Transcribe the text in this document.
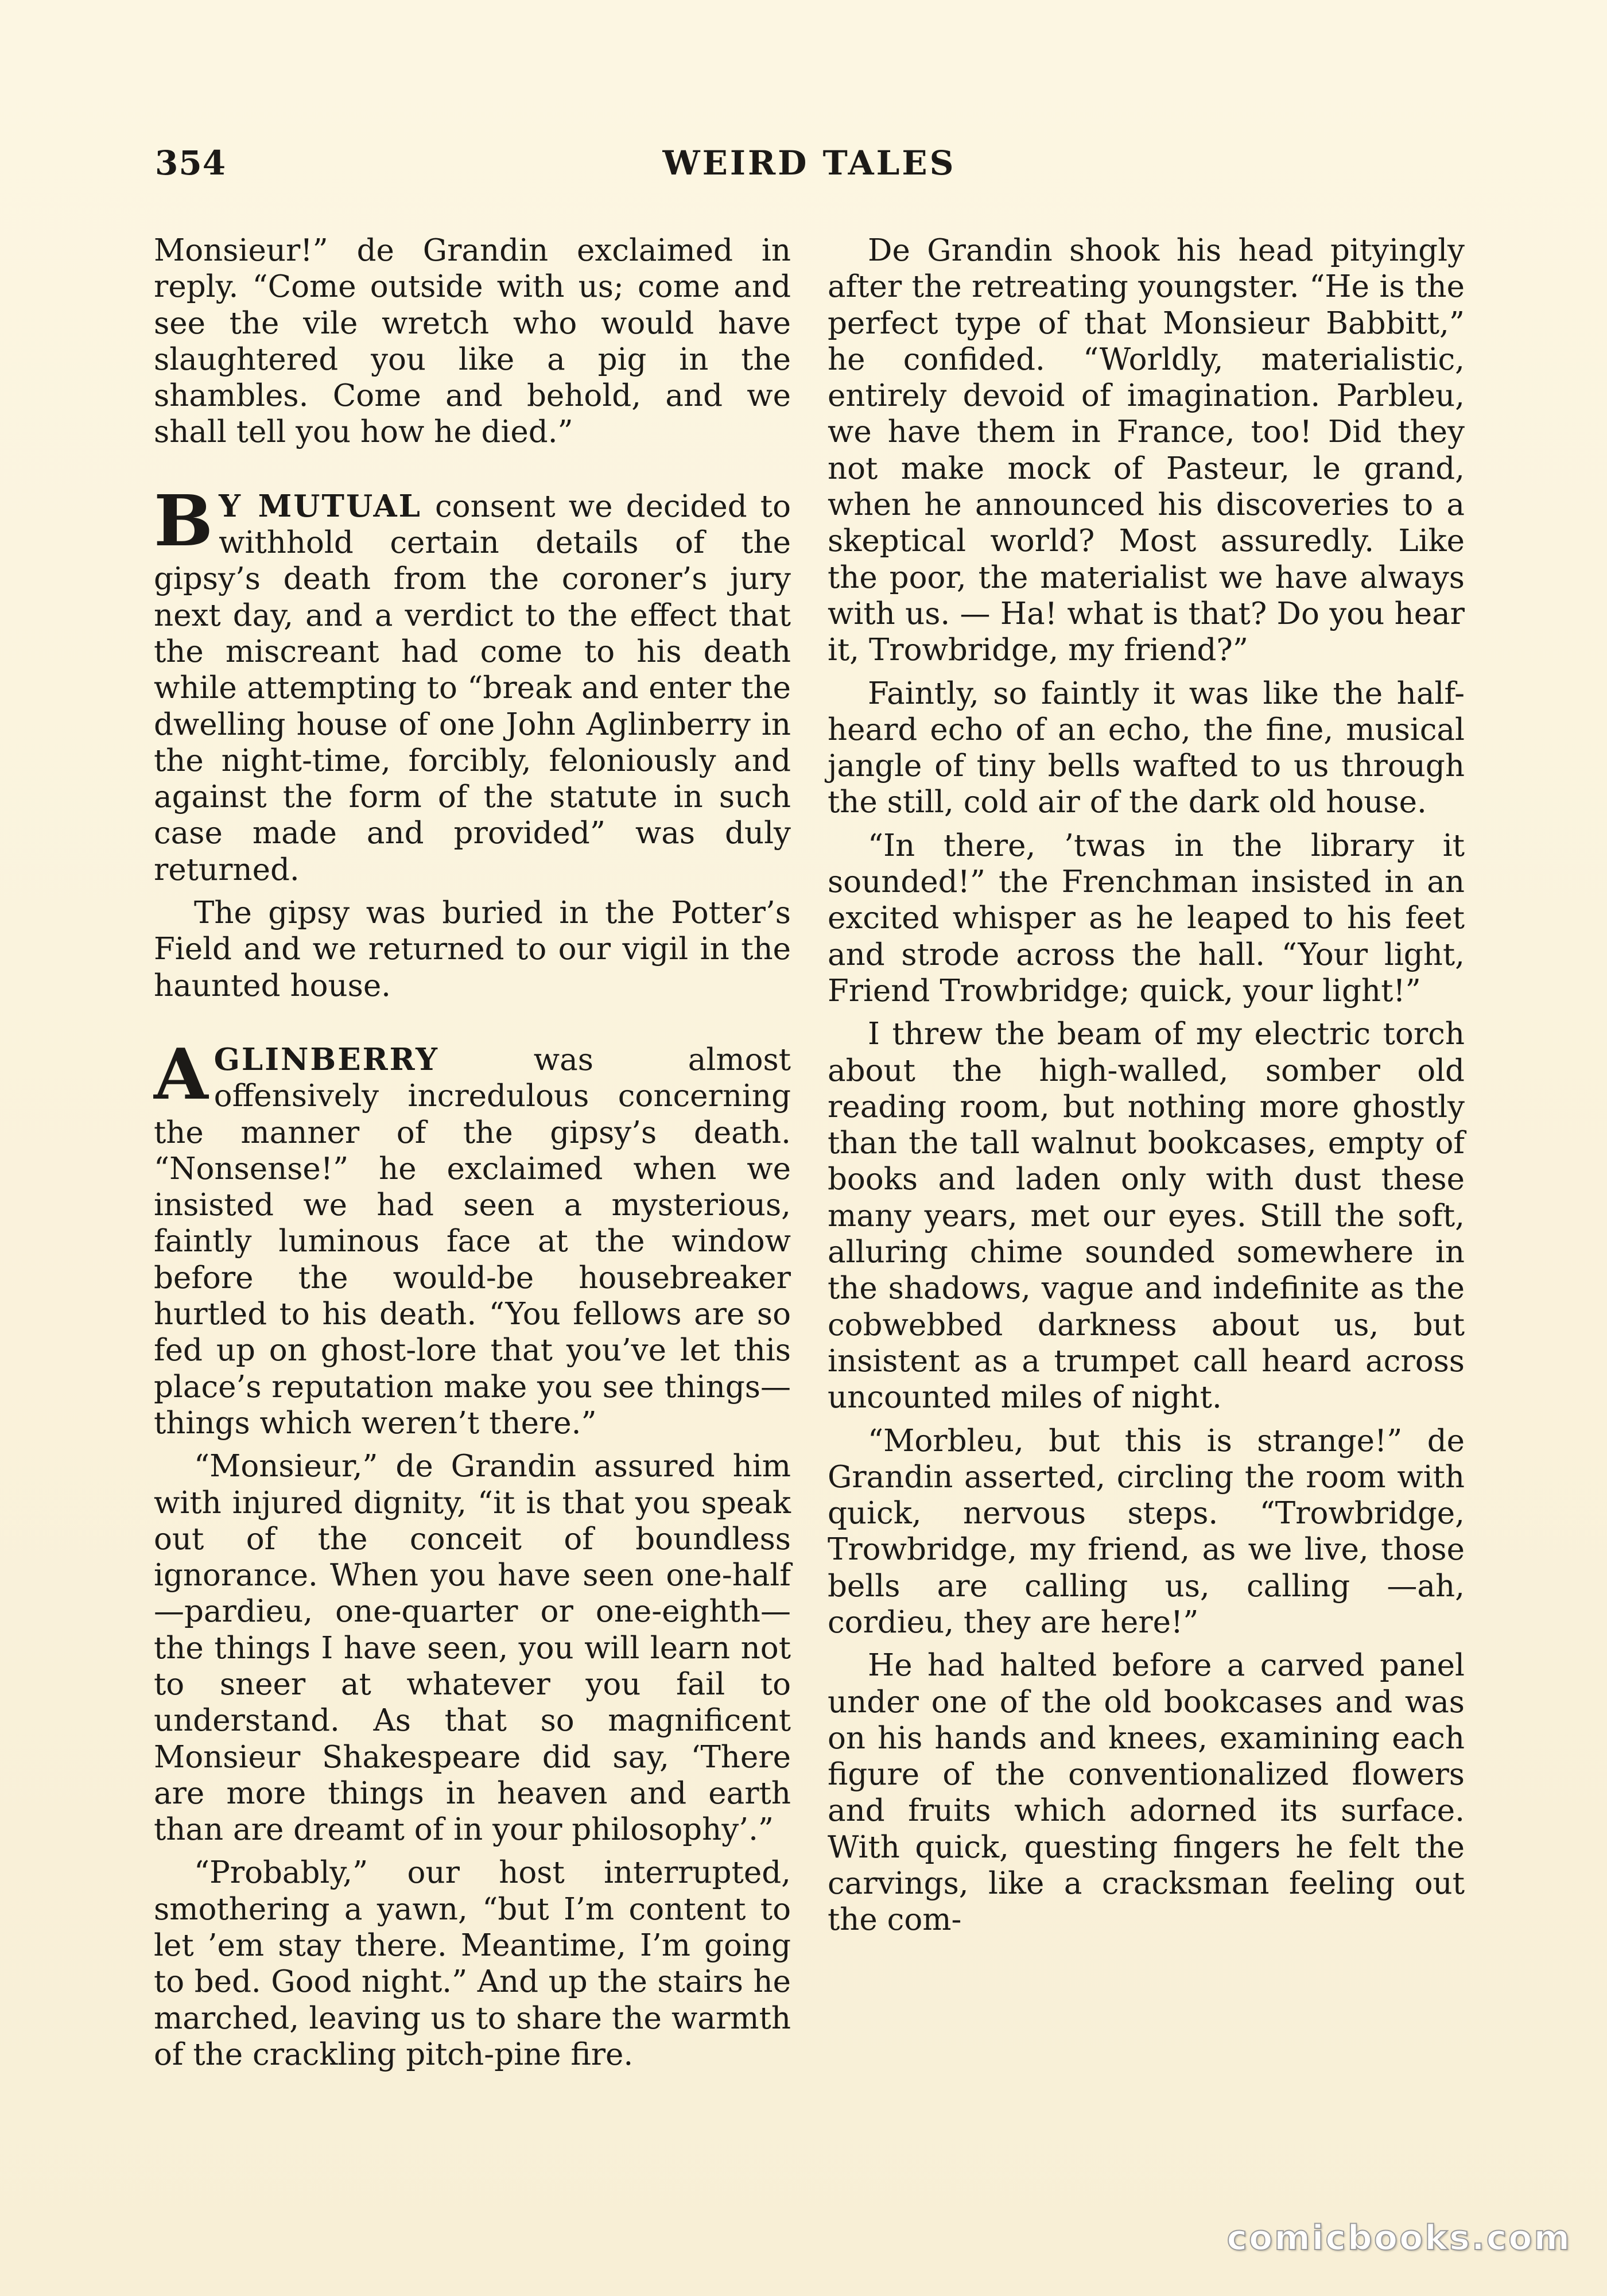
354	WEIRD TALES

Monsieur!” de Grandin exclaimed in reply. “Come outside with us; come and see the vile wretch who would have slaughtered you like a pig in the shambles. Come and behold, and we shall tell you how he died.”

B Y MUTUAL consent we decided to withhold certain details of the gipsy’s death from the coroner’s jury next day, and a verdict to the effect that the miscreant had come to his death while attempting to “break and enter the dwelling house of one John Aglinberry in the night-time, forcibly, feloniously and against the form of the statute in such case made and provided” was duly returned.

The gipsy was buried in the Potter’s Field and we returned to our vigil in the haunted house.

A GLINBERRY was almost offensively incredulous concerning the manner of the gipsy’s death. “Nonsense!” he exclaimed when we insisted we had seen a mysterious, faintly luminous face at the window before the would-be housebreaker hurtled to his death. “You fellows are so fed up on ghost-lore that you’ve let this place’s reputation make you see things—things which weren’t there.”

“Monsieur,” de Grandin assured him with injured dignity, “it is that you speak out of the conceit of boundless ignorance. When you have seen one-half—pardieu, one-quarter or one-eighth—the things I have seen, you will learn not to sneer at whatever you fail to understand. As that so magnificent Monsieur Shakespeare did say, ‘There are more things in heaven and earth than are dreamt of in your philosophy’.”

“Probably,” our host interrupted, smothering a yawn, “but I’m content to let ’em stay there. Meantime, I’m going to bed. Good night.” And up the stairs he marched, leaving us to share the warmth of the crackling pitch-pine fire.

De Grandin shook his head pityingly after the retreating youngster. “He is the perfect type of that Monsieur Babbitt,” he confided. “Worldly, materialistic, entirely devoid of imagination. Parbleu, we have them in France, too! Did they not make mock of Pasteur, le grand, when he announced his discoveries to a skeptical world? Most assuredly. Like the poor, the materialist we have always with us. — Ha! what is that? Do you hear it, Trowbridge, my friend?”

Faintly, so faintly it was like the half-heard echo of an echo, the fine, musical jangle of tiny bells wafted to us through the still, cold air of the dark old house.

“In there, ’twas in the library it sounded!” the Frenchman insisted in an excited whisper as he leaped to his feet and strode across the hall. “Your light, Friend Trowbridge; quick, your light!”

I threw the beam of my electric torch about the high-walled, somber old reading room, but nothing more ghostly than the tall walnut bookcases, empty of books and laden only with dust these many years, met our eyes. Still the soft, alluring chime sounded somewhere in the shadows, vague and indefinite as the cobwebbed darkness about us, but insistent as a trumpet call heard across uncounted miles of night.

“Morbleu, but this is strange!” de Grandin asserted, circling the room with quick, nervous steps. “Trowbridge, Trowbridge, my friend, as we live, those bells are calling us, calling —ah, cordieu, they are here!”

He had halted before a carved panel under one of the old bookcases and was on his hands and knees, examining each figure of the conventionalized flowers and fruits which adorned its surface. With quick, questing fingers he felt the carvings, like a cracksman feeling out the com-

comicbooks.com
